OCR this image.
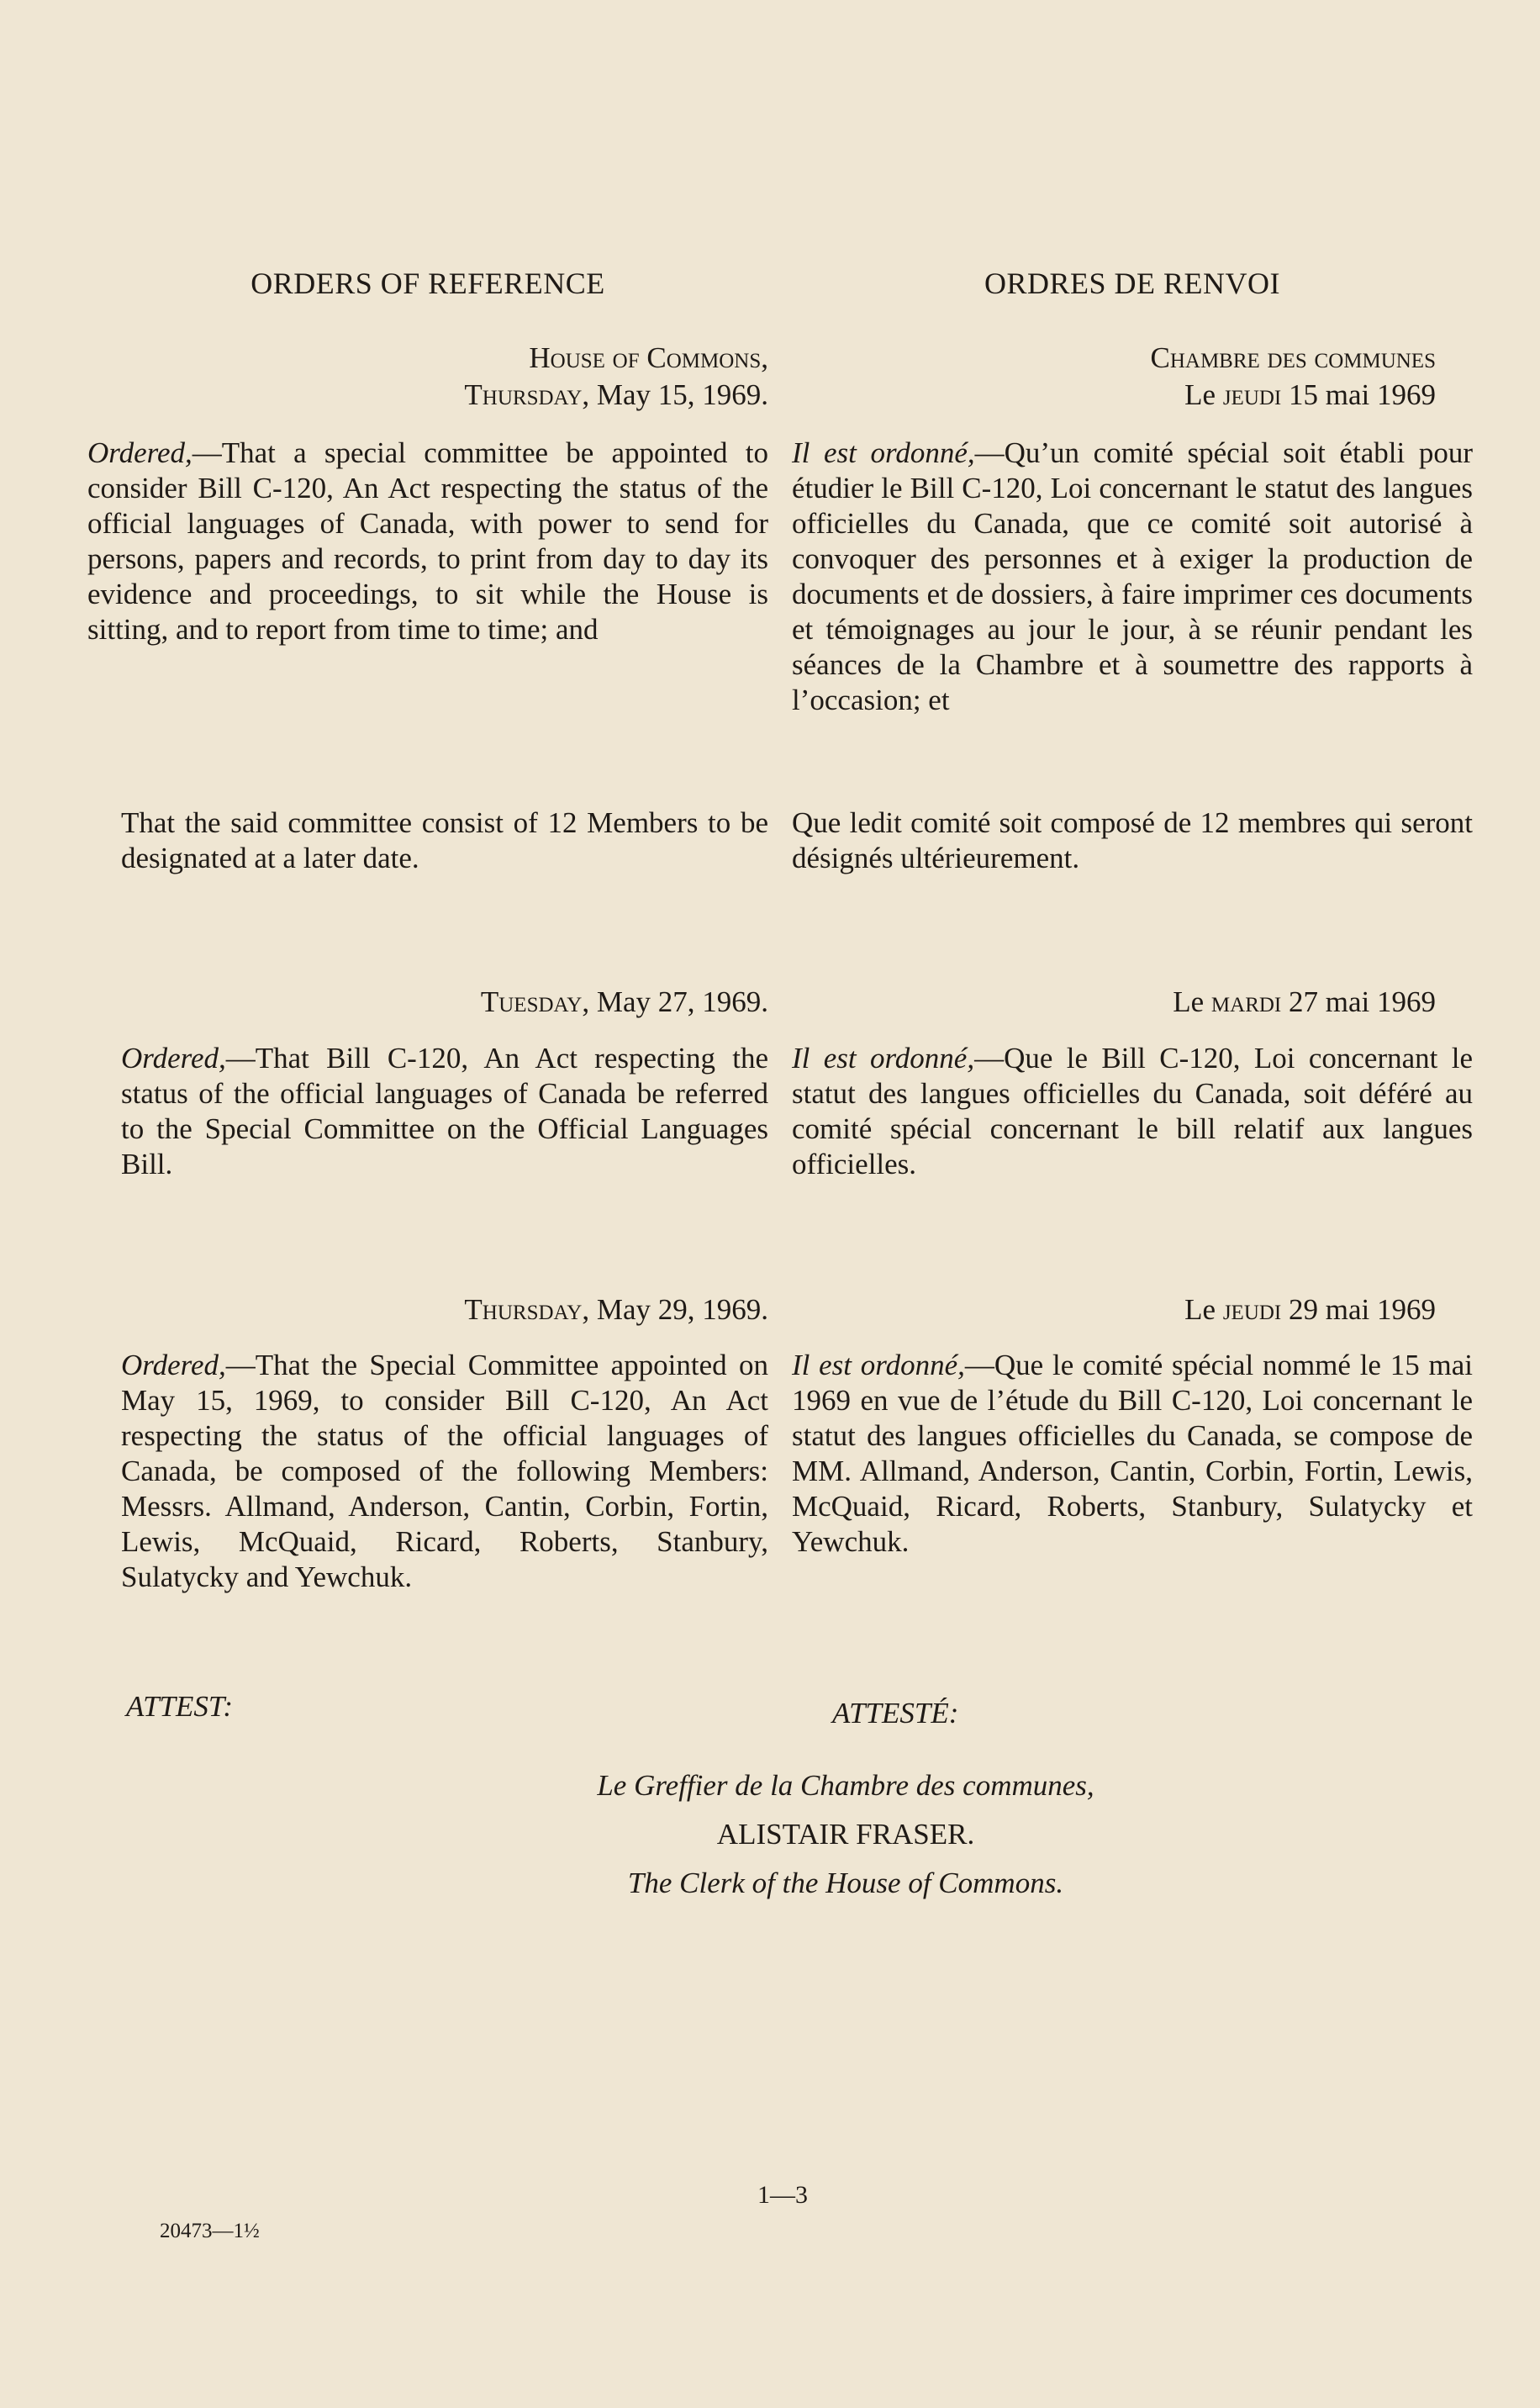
ORDERS OF REFERENCE
House of Commons,
Thursday, May 15, 1969.

Ordered,—That a special committee be appointed to consider Bill C-120, An Act respecting the status of the official languages of Canada, with power to send for persons, papers and records, to print from day to day its evidence and proceedings, to sit while the House is sitting, and to report from time to time; and

That the said committee consist of 12 Members to be designated at a later date.

Tuesday, May 27, 1969.

Ordered,—That Bill C-120, An Act respecting the status of the official languages of Canada be referred to the Special Committee on the Official Languages Bill.

Thursday, May 29, 1969.

Ordered,—That the Special Committee appointed on May 15, 1969, to consider Bill C-120, An Act respecting the status of the official languages of Canada, be composed of the following Members: Messrs. Allmand, Anderson, Cantin, Corbin, Fortin, Lewis, McQuaid, Ricard, Roberts, Stanbury, Sulatycky and Yewchuk.

ATTEST:
ORDRES DE RENVOI
Chambre des communes
Le jeudi 15 mai 1969

Il est ordonné,—Qu’un comité spécial soit établi pour étudier le Bill C-120, Loi concernant le statut des langues officielles du Canada, que ce comité soit autorisé à convoquer des personnes et à exiger la production de documents et de dossiers, à faire imprimer ces documents et témoignages au jour le jour, à se réunir pendant les séances de la Chambre et à soumettre des rapports à l’occasion; et

Que ledit comité soit composé de 12 membres qui seront désignés ultérieurement.

Le mardi 27 mai 1969

Il est ordonné,—Que le Bill C-120, Loi concernant le statut des langues officielles du Canada, soit déféré au comité spécial concernant le bill relatif aux langues officielles.

Le jeudi 29 mai 1969

Il est ordonné,—Que le comité spécial nommé le 15 mai 1969 en vue de l’étude du Bill C-120, Loi concernant le statut des langues officielles du Canada, se compose de MM. Allmand, Anderson, Cantin, Corbin, Fortin, Lewis, McQuaid, Ricard, Roberts, Stanbury, Sulatycky et Yewchuk.

ATTESTÉ:
Le Greffier de la Chambre des communes,
ALISTAIR FRASER.
The Clerk of the House of Commons.
1—3
20473—1½
